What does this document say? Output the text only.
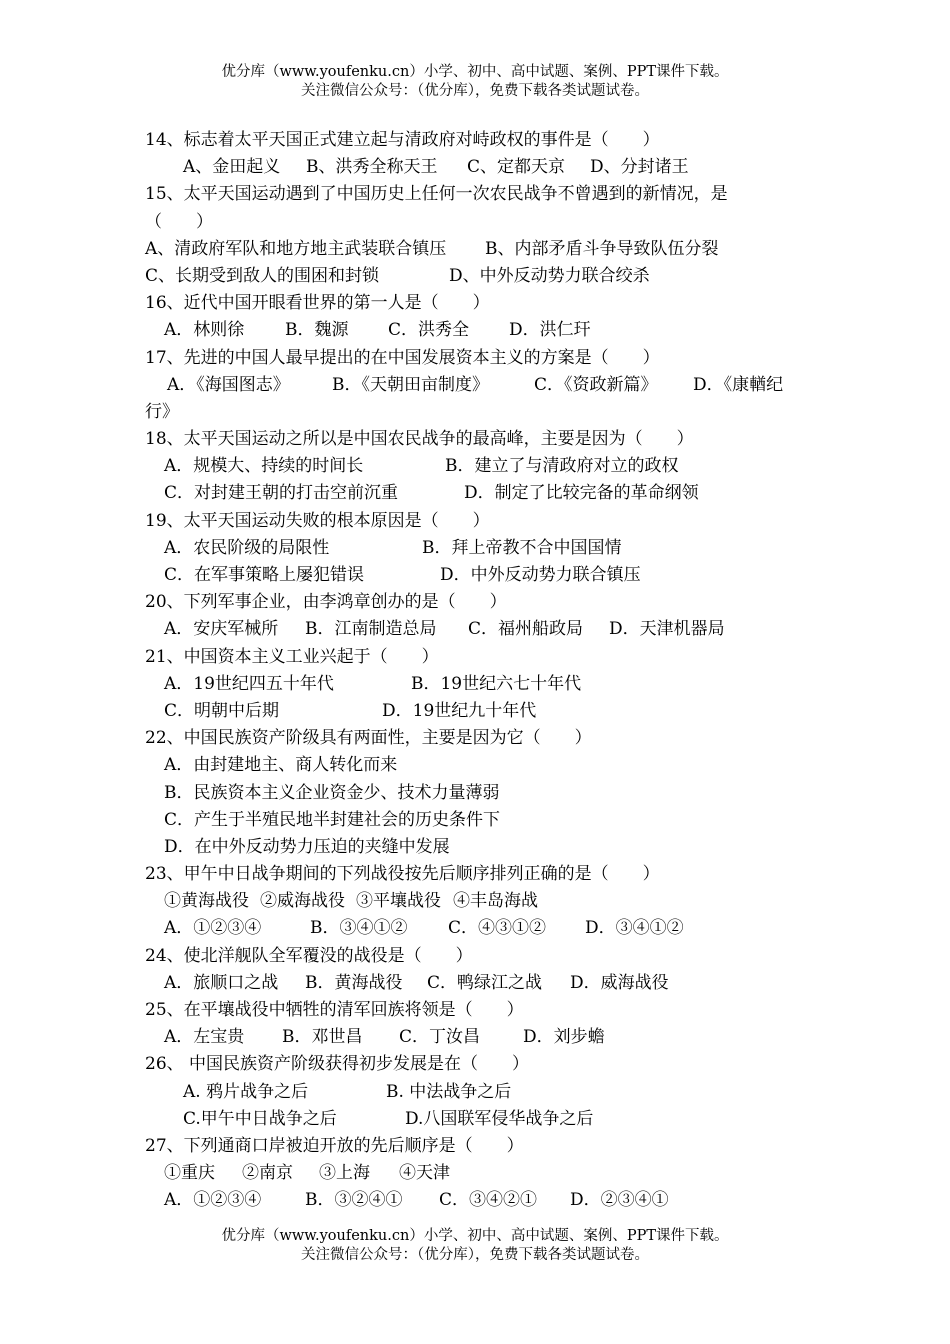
优分库（www.youfenku.cn）小学、初中、高中试题、案例、PPT课件下载。
关注微信公众号：（优分库），免费下载各类试题试卷。
14、标志着太平天国正式建立起与清政府对峙政权的事件是（　　）
A、金田起义 B、洪秀全称天王 C、定都天京 D、分封诸王
15、太平天国运动遇到了中国历史上任何一次农民战争不曾遇到的新情况，是
（　　）
A、清政府军队和地方地主武装联合镇压 B、内部矛盾斗争导致队伍分裂
C、长期受到敌人的围困和封锁	D、中外反动势力联合绞杀
16、近代中国开眼看世界的第一人是（　　）
A．林则徐 B．魏源 C．洪秀全 D．洪仁玕
17、先进的中国人最早提出的在中国发展资本主义的方案是（　　）
A．《海国图志》 B．《天朝田亩制度》	C．《资政新篇》 D．《康輶纪
行》
18、太平天国运动之所以是中国农民战争的最高峰，主要是因为（　　）
A．规模大、持续的时间长	B．建立了与清政府对立的政权
C．对封建王朝的打击空前沉重	D．制定了比较完备的革命纲领
19、太平天国运动失败的根本原因是（　　）
A．农民阶级的局限性	B．拜上帝教不合中国国情
C．在军事策略上屡犯错误	D．中外反动势力联合镇压
20、下列军事企业，由李鸿章创办的是（　　）
A．安庆军械所 B．江南制造总局 C．福州船政局 D．天津机器局
21、中国资本主义工业兴起于（　　）
A．19世纪四五十年代	B．19世纪六七十年代
C．明朝中后期	D．19世纪九十年代
22、中国民族资产阶级具有两面性，主要是因为它（　　）
A．由封建地主、商人转化而来
B．民族资本主义企业资金少、技术力量薄弱
C．产生于半殖民地半封建社会的历史条件下
D．在中外反动势力压迫的夹缝中发展
23、甲午中日战争期间的下列战役按先后顺序排列正确的是（　　）
①黄海战役 ②威海战役 ③平壤战役 ④丰岛海战
A．①②③④	B．③④①② C．④③①② D．③④①②
24、使北洋舰队全军覆没的战役是（　　）
A．旅顺口之战 B．黄海战役 C．鸭绿江之战 D．威海战役
25、在平壤战役中牺牲的清军回族将领是（　　）
A．左宝贵 B．邓世昌 C．丁汝昌	D．刘步蟾
26、 中国民族资产阶级获得初步发展是在（　　）
A. 鸦片战争之后	B. 中法战争之后
C.甲午中日战争之后	D.八国联军侵华战争之后
27、下列通商口岸被迫开放的先后顺序是（　　）
①重庆 ②南京 ③上海 ④天津
A．①②③④	B．③②④① C．③④②① D．②③④①
优分库（www.youfenku.cn）小学、初中、高中试题、案例、PPT课件下载。
关注微信公众号：（优分库），免费下载各类试题试卷。
